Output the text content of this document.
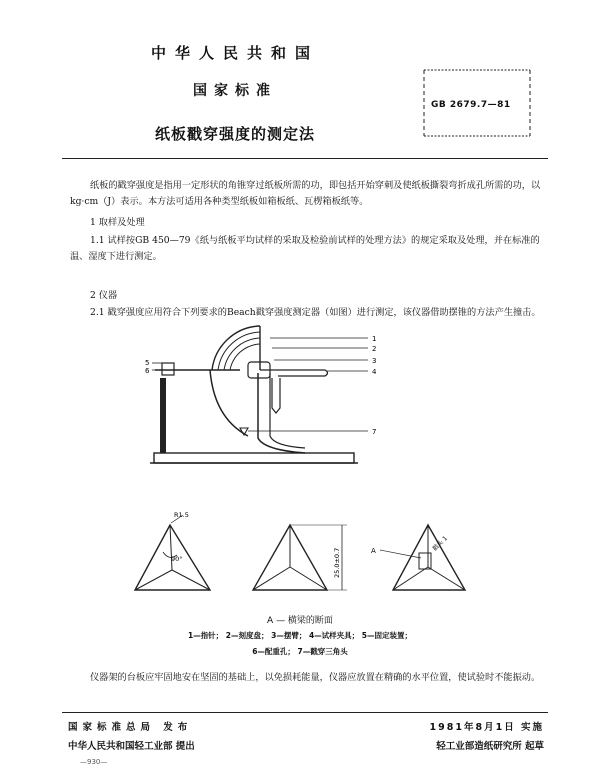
中华人民共和国
国家标准
纸板戳穿强度的测定法
GB 2679.7—81
纸板的戳穿强度是指用一定形状的角锥穿过纸板所需的功，即包括开始穿刺及使纸板撕裂弯折成孔所需的功，以kg·cm（J）表示。本方法可适用各种类型纸板如箱板纸、瓦楞箱板纸等。
1 取样及处理
1.1 试样按GB 450—79《纸与纸板平均试样的采取及检验前试样的处理方法》的规定采取及处理，并在标准的温、湿度下进行测定。
2 仪器
2.1 戳穿强度应用符合下列要求的Beach戳穿强度测定器（如图）进行测定，该仪器借助摆锥的方法产生撞击。
1
2
3
4
5
6
7
R1.5
90°	25.0±0.7	A	戳头 1
A — 横梁的断面
1—指针； 2—刻度盘； 3—摆臂； 4—试样夹具； 5—固定装置；
6—配重孔； 7—戳穿三角头
仪器架的台板应牢固地安在坚固的基础上，以免损耗能量，仪器应放置在精确的水平位置，使试验时不能振动。
国家标准总局 发布	1981年8月1日 实施
中华人民共和国轻工业部 提出	轻工业部造纸研究所 起草
—930—
